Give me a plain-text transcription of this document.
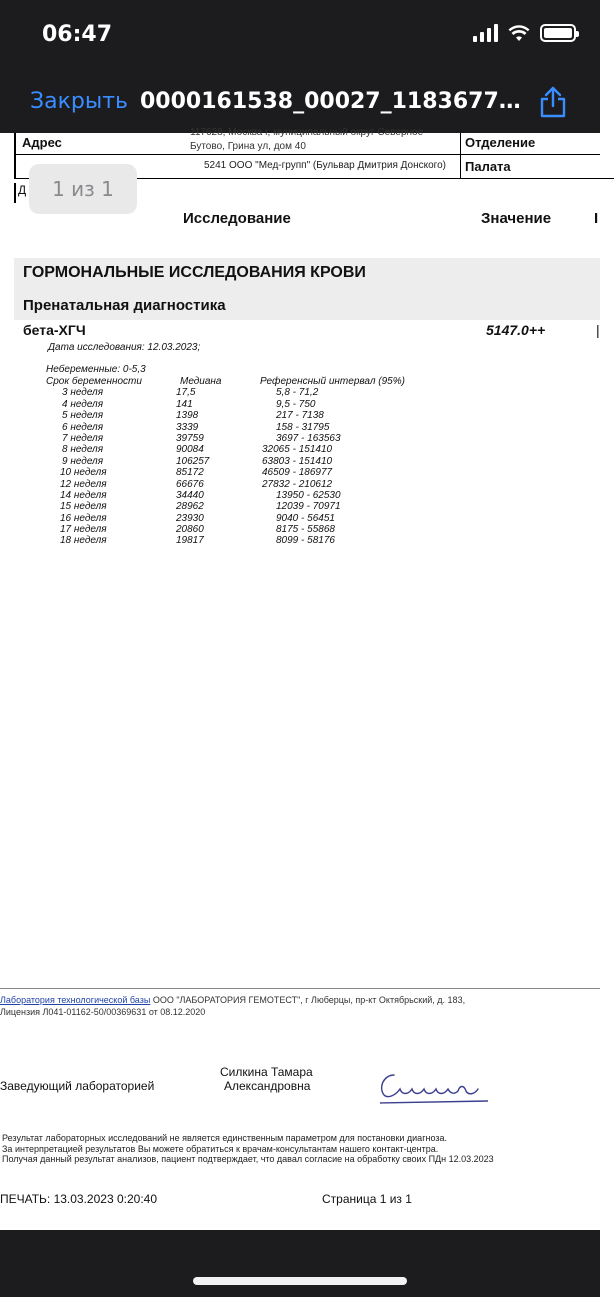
06:47
Закрыть 0000161538_00027_1183677…
Адрес
117628, Москва г, муниципальный округ Северное
Бутово, Грина ул, дом 40	Отделение
5241 ООО "Мед-групп" (Бульвар Дмитрия Донского) Палата
Д
Исследование	Значение	I
ГОРМОНАЛЬНЫЕ ИССЛЕДОВАНИЯ КРОВИ
Пренатальная диагностика
бета-ХГЧ	5147.0++	|
Дата исследования: 12.03.2023;
Небеременные: 0-5,3
Срок беременности	Медиана	Референсный интервал (95%)
3 неделя	17,5	5,8 - 71,2
4 неделя	141	9,5 - 750
5 неделя	1398	217 - 7138
6 неделя	3339	158 - 31795
7 неделя	39759	3697 - 163563
8 неделя	90084	32065 - 151410
9 неделя	106257	63803 - 151410
10 неделя	85172	46509 - 186977
12 неделя	66676	27832 - 210612
14 неделя	34440	13950 - 62530
15 неделя	28962	12039 - 70971
16 неделя	23930	9040 - 56451
17 неделя	20860	8175 - 55868
18 неделя	19817	8099 - 58176
Лаборатория технологической базы ООО "ЛАБОРАТОРИЯ ГЕМОТЕСТ", г Люберцы, пр-кт Октябрьский, д. 183,
Лицензия Л041-01162-50/00369631 от 08.12.2020
Заведующий лабораторией
Силкина Тамара
Александровна
Результат лабораторных исследований не является единственным параметром для постановки диагноза.
За интерпретацией результатов Вы можете обратиться к врачам-консультантам нашего контакт-центра.
Получая данный результат анализов, пациент подтверждает, что давал согласие на обработку своих ПДн 12.03.2023
ПЕЧАТЬ: 13.03.2023 0:20:40	Страница 1 из 1
1 из 1
